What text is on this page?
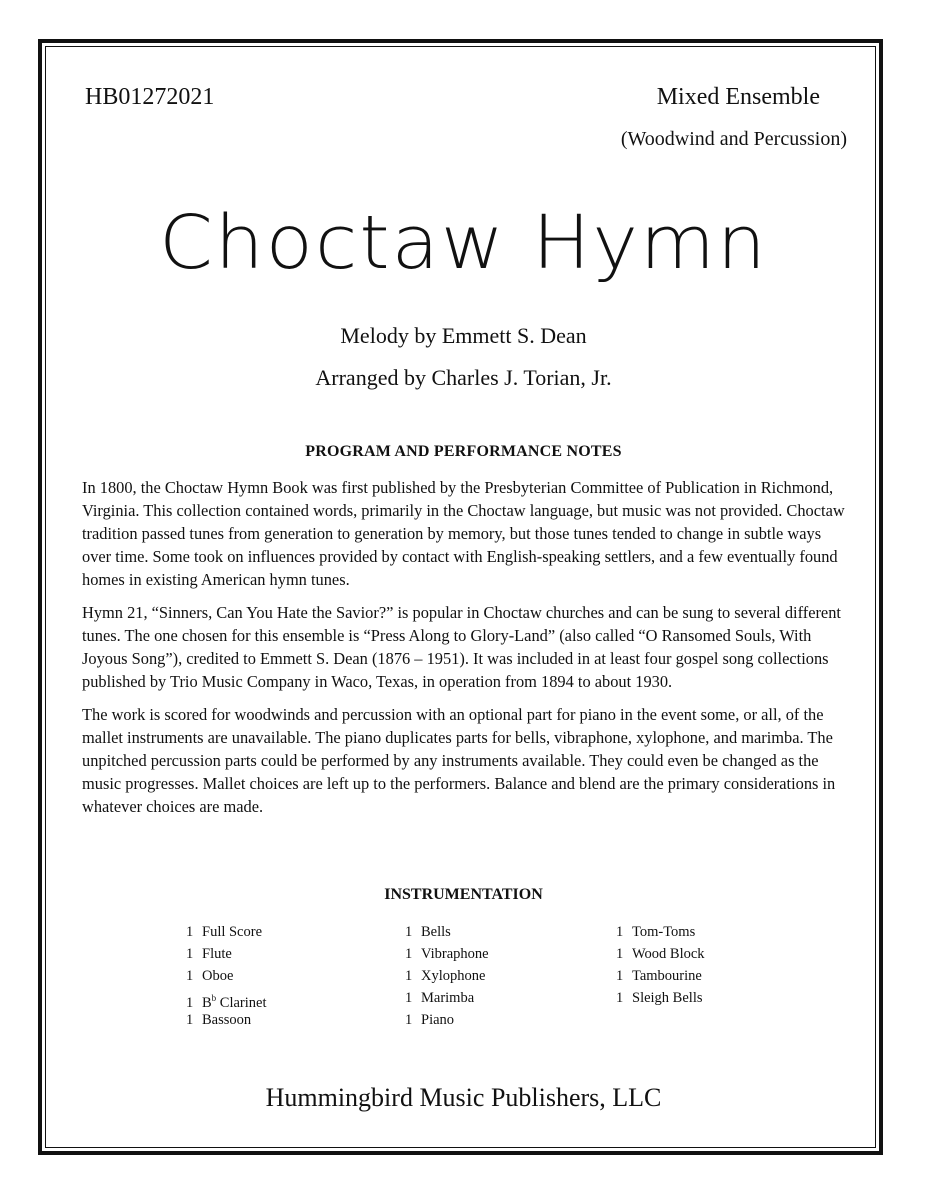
HB01272021	Mixed Ensemble
(Woodwind and Percussion)
Choctaw Hymn
Melody by Emmett S. Dean
Arranged by Charles J. Torian, Jr.
PROGRAM AND PERFORMANCE NOTES

In 1800, the Choctaw Hymn Book was first published by the Presbyterian Committee of Publication in Richmond, Virginia. This collection contained words, primarily in the Choctaw language, but music was not provided. Choctaw tradition passed tunes from generation to generation by memory, but those tunes tended to change in subtle ways over time. Some took on influences provided by contact with English-speaking settlers, and a few eventually found homes in existing American hymn tunes.

Hymn 21, “Sinners, Can You Hate the Savior?” is popular in Choctaw churches and can be sung to several different tunes. The one chosen for this ensemble is “Press Along to Glory-Land” (also called “O Ransomed Souls, With Joyous Song”), credited to Emmett S. Dean (1876 – 1951). It was included in at least four gospel song collections published by Trio Music Company in Waco, Texas, in operation from 1894 to about 1930.

The work is scored for woodwinds and percussion with an optional part for piano in the event some, or all, of the mallet instruments are unavailable. The piano duplicates parts for bells, vibraphone, xylophone, and marimba. The unpitched percussion parts could be performed by any instruments available. They could even be changed as the music progresses. Mallet choices are left up to the performers. Balance and blend are the primary considerations in whatever choices are made.

INSTRUMENTATION
1 Full Score
1 Flute
1 Oboe
1 $B^b$ Clarinet
1 Bassoon
1 Bells
1 Vibraphone
1 Xylophone
1 Marimba
1 Piano
1 Tom-Toms
1 Wood Block
1 Tambourine
1 Sleigh Bells
Hummingbird Music Publishers, LLC
